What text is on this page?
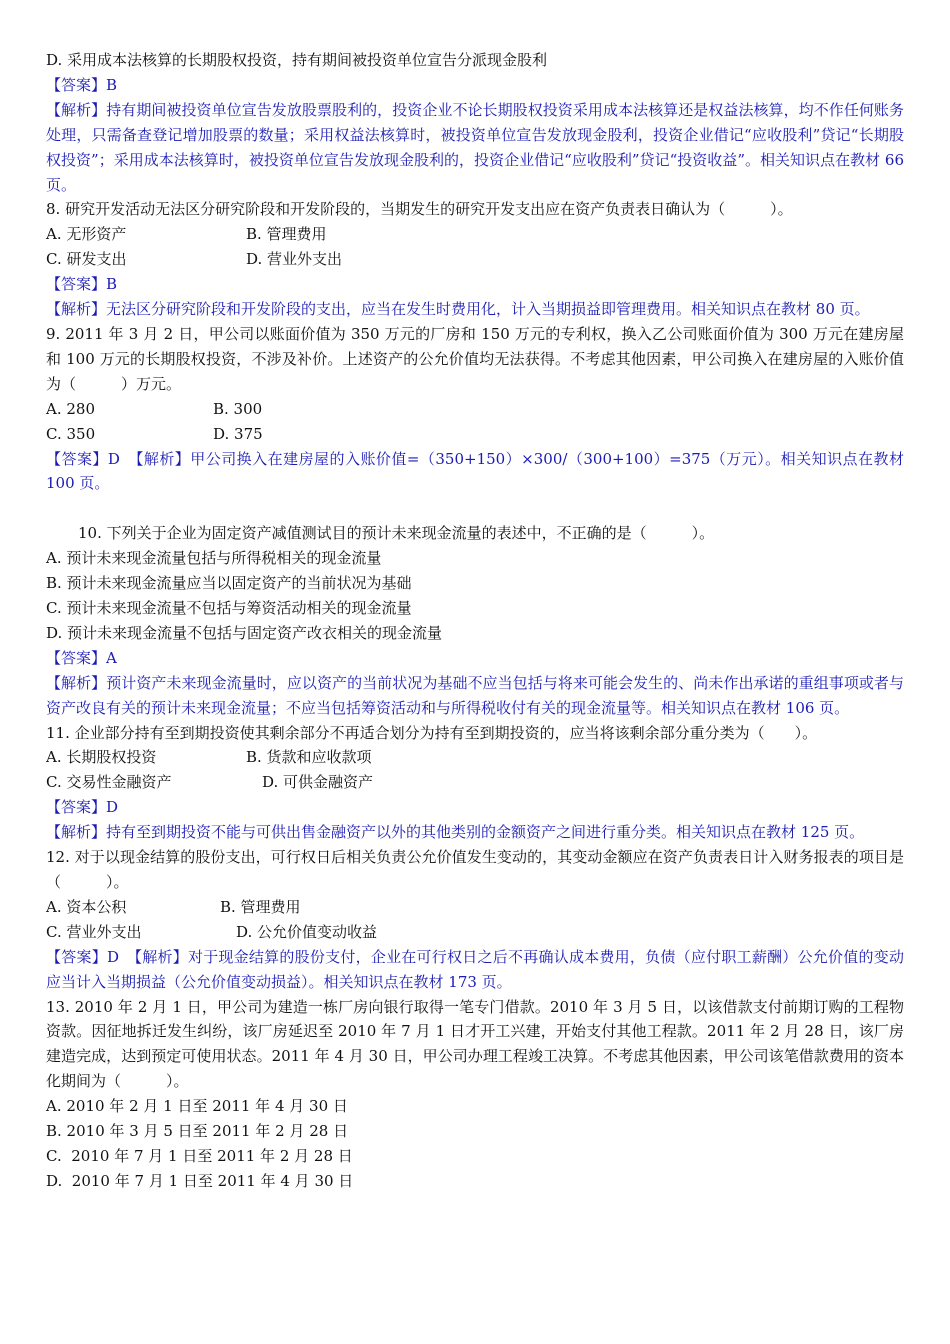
D. 采用成本法核算的长期股权投资，持有期间被投资单位宣告分派现金股利
【答案】B
【解析】持有期间被投资单位宣告发放股票股利的，投资企业不论长期股权投资采用成本法核算还是权益法核算，均不作任何账务处理，只需备查登记增加股票的数量；采用权益法核算时，被投资单位宣告发放现金股利，投资企业借记“应收股利”贷记“长期股权投资”；采用成本法核算时，被投资单位宣告发放现金股利的，投资企业借记“应收股利”贷记“投资收益”。相关知识点在教材 66 页。
8. 研究开发活动无法区分研究阶段和开发阶段的，当期发生的研究开发支出应在资产负责表日确认为（　　　）。
A. 无形资产	B. 管理费用
C. 研发支出	D. 营业外支出
【答案】B
【解析】无法区分研究阶段和开发阶段的支出，应当在发生时费用化，计入当期损益即管理费用。相关知识点在教材 80 页。
9. 2011 年 3 月 2 日，甲公司以账面价值为 350 万元的厂房和 150 万元的专利权，换入乙公司账面价值为 300 万元在建房屋和 100 万元的长期股权投资，不涉及补价。上述资产的公允价值均无法获得。不考虑其他因素，甲公司换入在建房屋的入账价值为（　　　）万元。
A. 280	B. 300
C. 350	D. 375
【答案】D　 【解析】甲公司换入在建房屋的入账价值=（350+150）×300/（300+100）=375（万元）。相关知识点在教材 100 页。
10. 下列关于企业为固定资产减值测试目的预计未来现金流量的表述中，不正确的是（　　　）。
A. 预计未来现金流量包括与所得税相关的现金流量
B. 预计未来现金流量应当以固定资产的当前状况为基础
C. 预计未来现金流量不包括与筹资活动相关的现金流量
D. 预计未来现金流量不包括与固定资产改衣相关的现金流量
【答案】A
【解析】预计资产未来现金流量时，应以资产的当前状况为基础不应当包括与将来可能会发生的、尚未作出承诺的重组事项或者与资产改良有关的预计未来现金流量；不应当包括筹资活动和与所得税收付有关的现金流量等。相关知识点在教材 106 页。
11. 企业部分持有至到期投资使其剩余部分不再适合划分为持有至到期投资的，应当将该剩余部分重分类为（　　）。
A. 长期股权投资	B. 货款和应收款项
C. 交易性金融资产	D. 可供金融资产
【答案】D
【解析】持有至到期投资不能与可供出售金融资产以外的其他类别的金额资产之间进行重分类。相关知识点在教材 125 页。
12. 对于以现金结算的股份支出，可行权日后相关负责公允价值发生变动的，其变动金额应在资产负责表日计入财务报表的项目是（　　　）。
A. 资本公积	B. 管理费用
C. 营业外支出	D. 公允价值变动收益
【答案】D　 【解析】对于现金结算的股份支付，企业在可行权日之后不再确认成本费用，负债（应付职工薪酬）公允价值的变动应当计入当期损益（公允价值变动损益）。相关知识点在教材 173 页。
13. 2010 年 2 月 1 日，甲公司为建造一栋厂房向银行取得一笔专门借款。2010 年 3 月 5 日，以该借款支付前期订购的工程物资款。因征地拆迁发生纠纷，该厂房延迟至 2010 年 7 月 1 日才开工兴建，开始支付其他工程款。2011 年 2 月 28 日，该厂房建造完成，达到预定可使用状态。2011 年 4 月 30 日，甲公司办理工程竣工决算。不考虑其他因素，甲公司该笔借款费用的资本化期间为（　　　）。
A. 2010 年 2 月 1 日至 2011 年 4 月 30 日
B. 2010 年 3 月 5 日至 2011 年 2 月 28 日
C.  2010 年 7 月 1 日至 2011 年 2 月 28 日
D.  2010 年 7 月 1 日至 2011 年 4 月 30 日
